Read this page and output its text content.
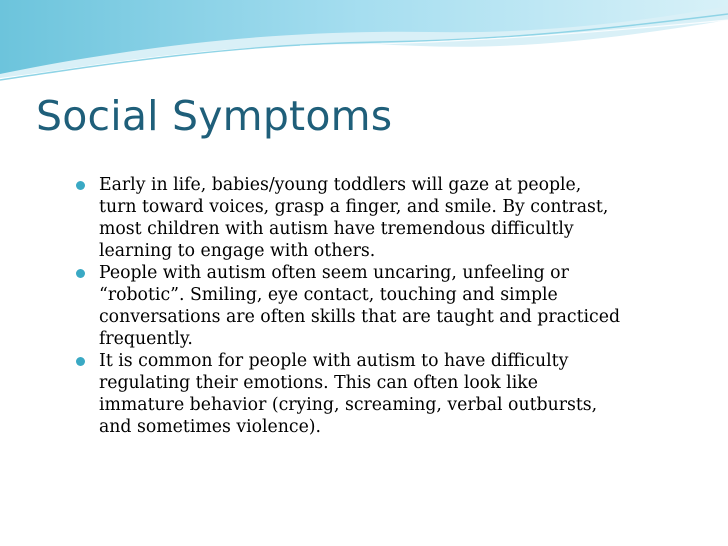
Social Symptoms
Early in life, babies/young toddlers will gaze at people,
turn toward voices, grasp a finger, and smile. By contrast,
most children with autism have tremendous difficultly
learning to engage with others.
People with autism often seem uncaring, unfeeling or
“robotic”. Smiling, eye contact, touching and simple
conversations are often skills that are taught and practiced
frequently.
It is common for people with autism to have difficulty
regulating their emotions. This can often look like
immature behavior (crying, screaming, verbal outbursts,
and sometimes violence).
